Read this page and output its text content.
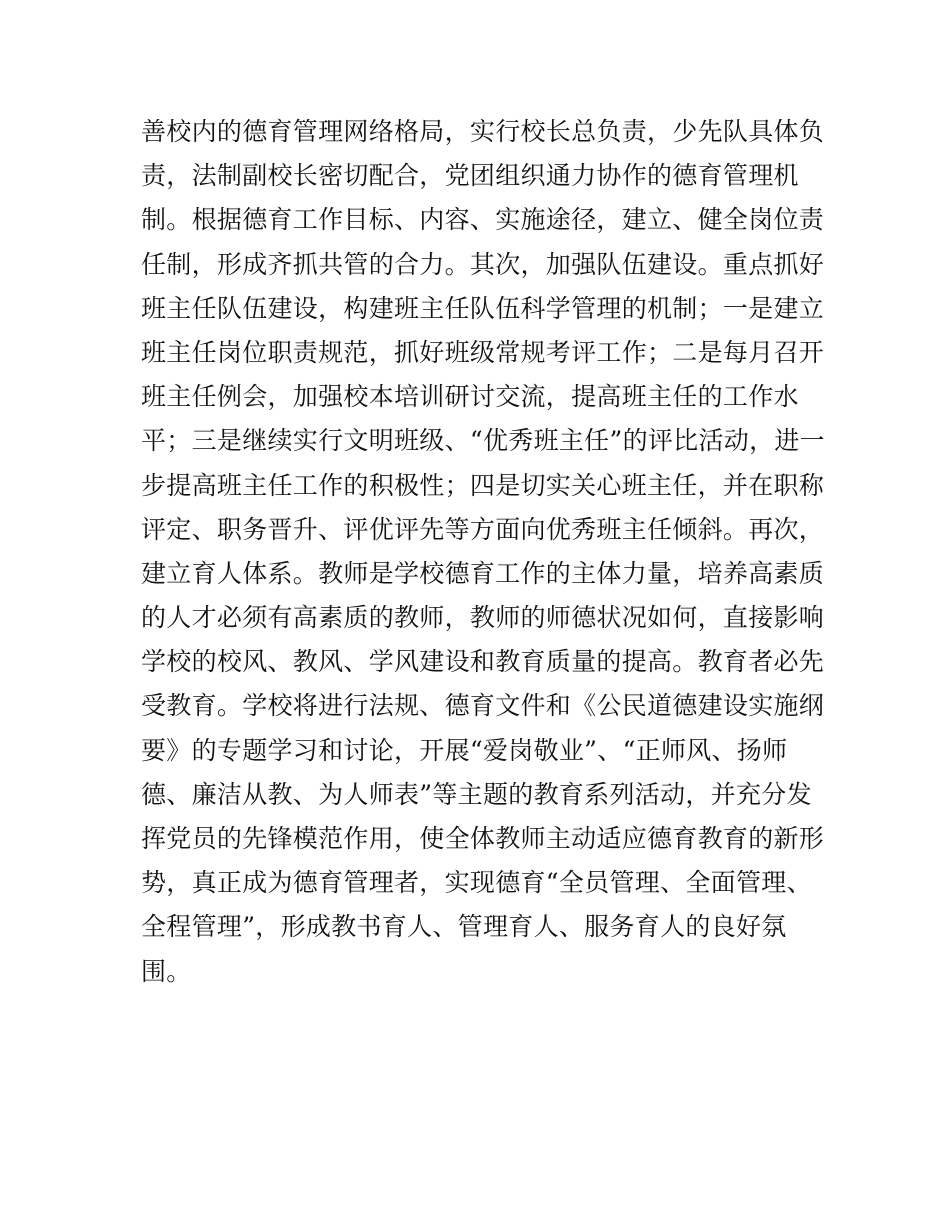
善校内的德育管理网络格局，实行校长总负责，少先队具体负
责，法制副校长密切配合，党团组织通力协作的德育管理机
制。根据德育工作目标、内容、实施途径，建立、健全岗位责
任制，形成齐抓共管的合力。其次，加强队伍建设。重点抓好
班主任队伍建设，构建班主任队伍科学管理的机制；一是建立
班主任岗位职责规范，抓好班级常规考评工作；二是每月召开
班主任例会，加强校本培训研讨交流，提高班主任的工作水
平；三是继续实行文明班级、“优秀班主任”的评比活动，进一
步提高班主任工作的积极性；四是切实关心班主任，并在职称
评定、职务晋升、评优评先等方面向优秀班主任倾斜。再次，
建立育人体系。教师是学校德育工作的主体力量，培养高素质
的人才必须有高素质的教师，教师的师德状况如何，直接影响
学校的校风、教风、学风建设和教育质量的提高。教育者必先
受教育。学校将进行法规、德育文件和《公民道德建设实施纲
要》的专题学习和讨论，开展“爱岗敬业”、“正师风、扬师
德、廉洁从教、为人师表”等主题的教育系列活动，并充分发
挥党员的先锋模范作用，使全体教师主动适应德育教育的新形
势，真正成为德育管理者，实现德育“全员管理、全面管理、
全程管理”，形成教书育人、管理育人、服务育人的良好氛
围。
